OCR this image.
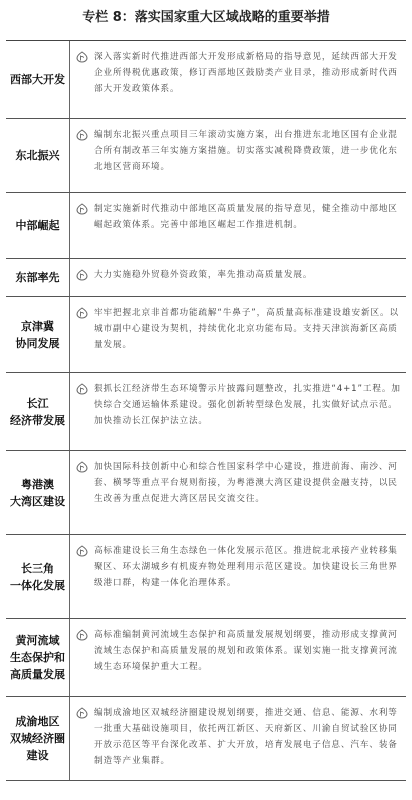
专栏 8：落实国家重大区域战略的重要举措
西部大开发
深入落实新时代推进西部大开发形成新格局的指导意见，延续西部大开发企业所得税优惠政策，修订西部地区鼓励类产业目录，推动形成新时代西部大开发政策体系。
东北振兴
编制东北振兴重点项目三年滚动实施方案，出台推进东北地区国有企业混合所有制改革三年实施方案措施。切实落实减税降费政策，进一步优化东北地区营商环境。
中部崛起
制定实施新时代推动中部地区高质量发展的指导意见，健全推动中部地区崛起政策体系。完善中部地区崛起工作推进机制。
东部率先	大力实施稳外贸稳外资政策，率先推动高质量发展。
京津冀
协同发展
牢牢把握北京非首都功能疏解“牛鼻子”，高质量高标准建设雄安新区。以城市副中心建设为契机，持续优化北京功能布局。支持天津滨海新区高质量发展。
长江
经济带发展
狠抓长江经济带生态环境警示片披露问题整改，扎实推进“4+1”工程。加快综合交通运输体系建设。强化创新转型绿色发展，扎实做好试点示范。加快推动长江保护法立法。
粤港澳
大湾区建设
加快国际科技创新中心和综合性国家科学中心建设，推进前海、南沙、河套、横琴等重点平台规则衔接，为粤港澳大湾区建设提供金融支持，以民生改善为重点促进大湾区居民交流交往。
长三角
一体化发展
高标准建设长三角生态绿色一体化发展示范区。推进皖北承接产业转移集聚区、环太湖城乡有机废弃物处理利用示范区建设。加快建设长三角世界级港口群，构建一体化治理体系。
黄河流域
生态保护和
高质量发展
高标准编制黄河流域生态保护和高质量发展规划纲要，推动形成支撑黄河流域生态保护和高质量发展的规划和政策体系。谋划实施一批支撑黄河流域生态环境保护重大工程。
成渝地区
双城经济圈
建设
编制成渝地区双城经济圈建设规划纲要，推进交通、信息、能源、水利等一批重大基础设施项目，依托两江新区、天府新区、川渝自贸试验区协同开放示范区等平台深化改革、扩大开放，培育发展电子信息、汽车、装备制造等产业集群。
